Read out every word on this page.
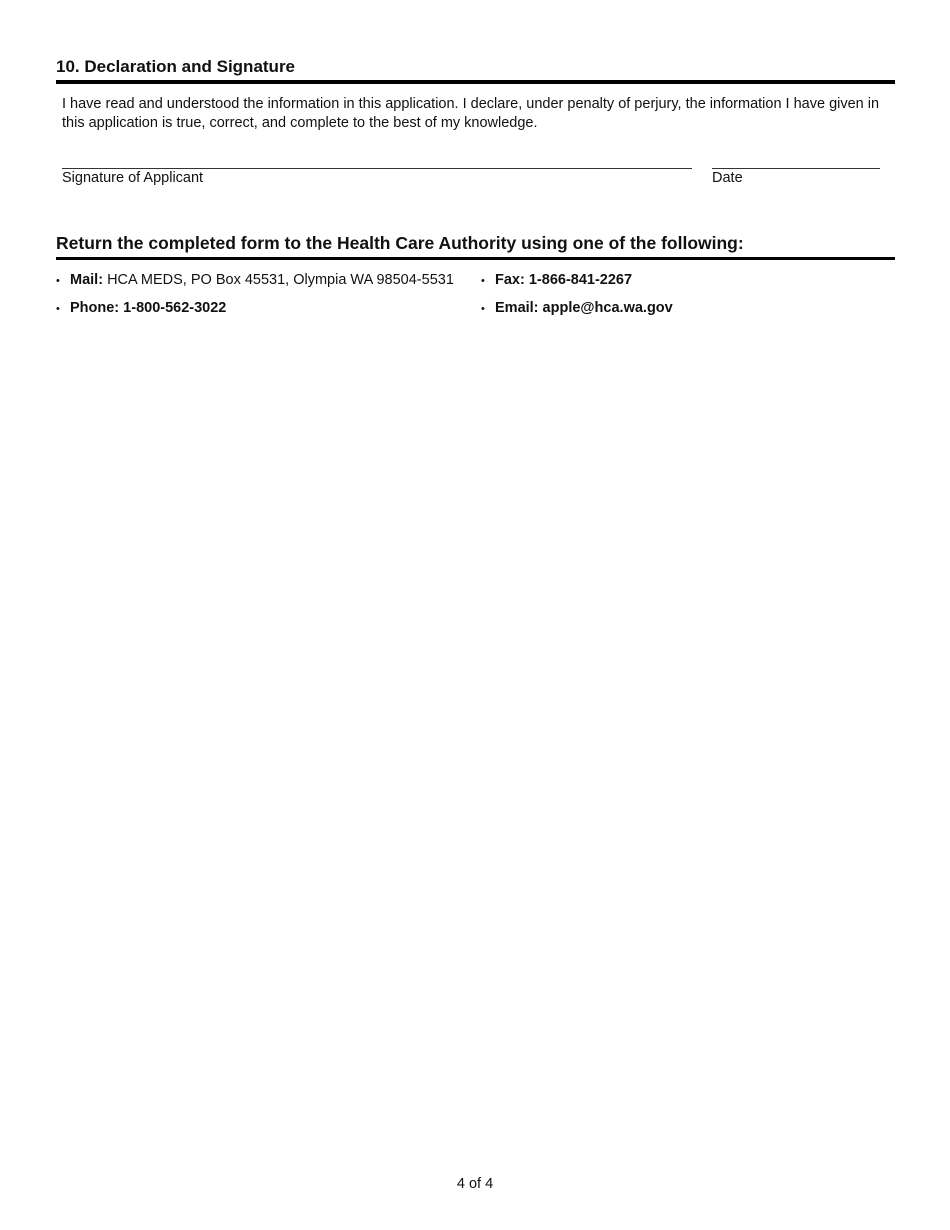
10. Declaration and Signature

I have read and understood the information in this application. I declare, under penalty of perjury, the information I have given in this application is true, correct, and complete to the best of my knowledge.

Signature of Applicant	Date
Return the completed form to the Health Care Authority using one of the following:
• Mail: HCA MEDS, PO Box 45531, Olympia WA 98504-5531 • Fax: 1-866-841-2267
• Phone: 1-800-562-3022	• Email: apple@hca.wa.gov
4 of 4
